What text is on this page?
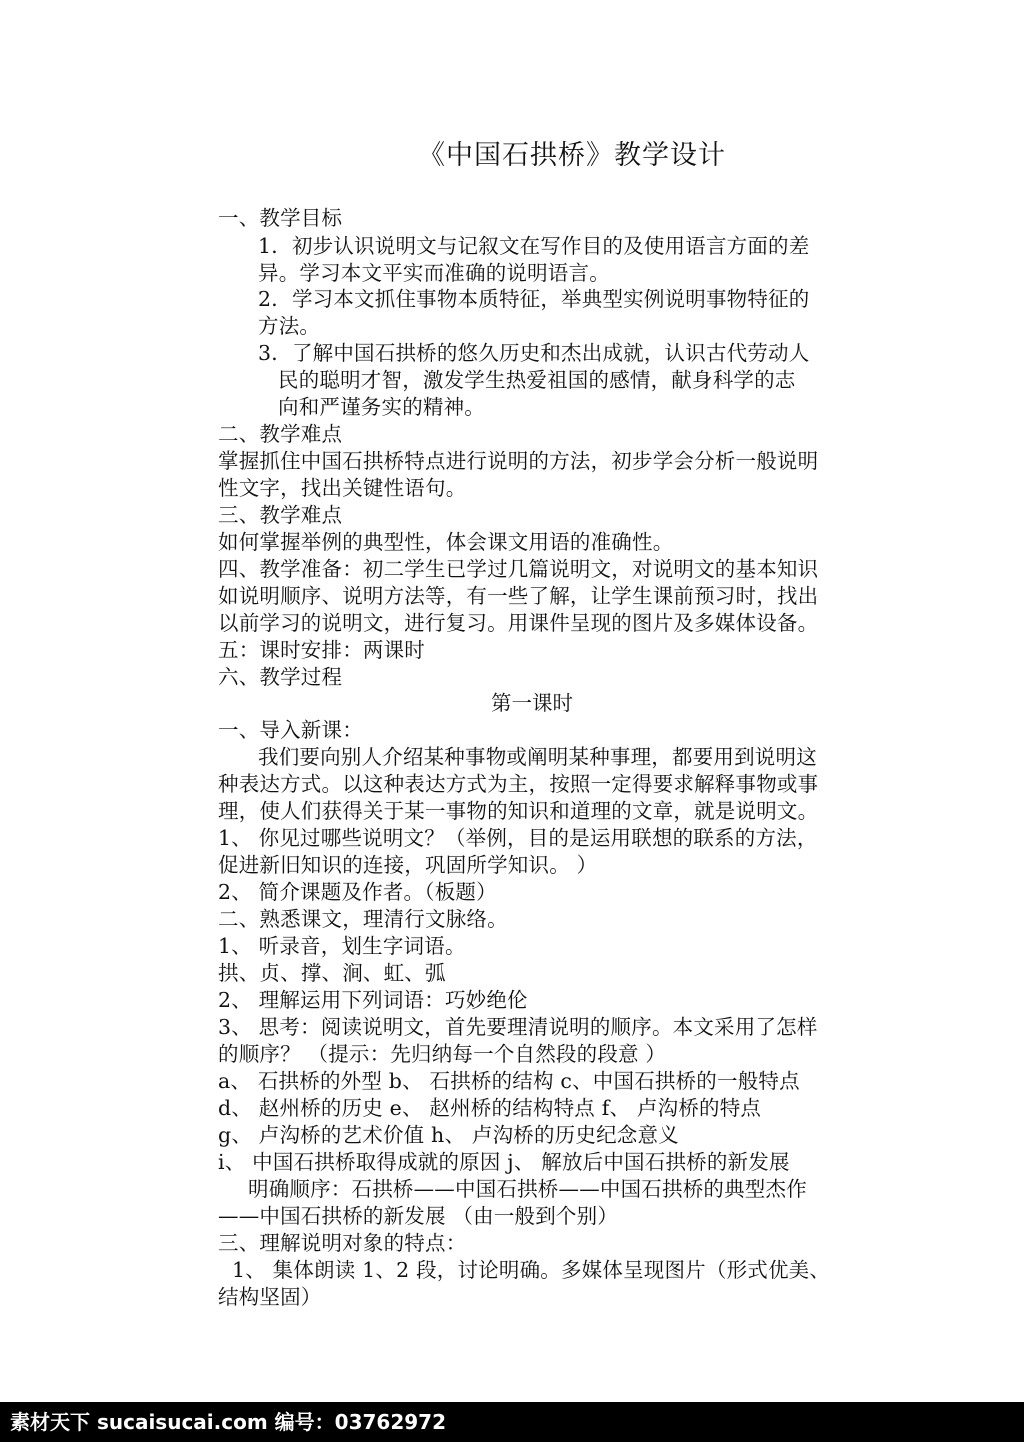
《中国石拱桥》教学设计
一、教学目标
1．初步认识说明文与记叙文在写作目的及使用语言方面的差
异。学习本文平实而准确的说明语言。
2．学习本文抓住事物本质特征，举典型实例说明事物特征的
方法。
3．了解中国石拱桥的悠久历史和杰出成就，认识古代劳动人
民的聪明才智，激发学生热爱祖国的感情，献身科学的志
向和严谨务实的精神。
二、教学难点
掌握抓住中国石拱桥特点进行说明的方法，初步学会分析一般说明
性文字，找出关键性语句。
三、教学难点
如何掌握举例的典型性，体会课文用语的准确性。
四、教学准备：初二学生已学过几篇说明文，对说明文的基本知识
如说明顺序、说明方法等，有一些了解，让学生课前预习时，找出
以前学习的说明文，进行复习。用课件呈现的图片及多媒体设备。
五：课时安排：两课时
六、教学过程
第一课时
一、导入新课：
我们要向别人介绍某种事物或阐明某种事理，都要用到说明这
种表达方式。以这种表达方式为主，按照一定得要求解释事物或事
理，使人们获得关于某一事物的知识和道理的文章，就是说明文。
1、 你见过哪些说明文？（举例，目的是运用联想的联系的方法，
促进新旧知识的连接，巩固所学知识。 ）
2、 简介课题及作者。（板题）
二、熟悉课文，理清行文脉络。
1、 听录音，划生字词语。
拱、贞、撑、涧、虹、弧
2、 理解运用下列词语：巧妙绝伦
3、 思考：阅读说明文，首先要理清说明的顺序。本文采用了怎样
的顺序？ （提示：先归纳每一个自然段的段意 ）
a、 石拱桥的外型 b、 石拱桥的结构 c、中国石拱桥的一般特点
d、 赵州桥的历史 e、 赵州桥的结构特点 f、 卢沟桥的特点
g、 卢沟桥的艺术价值 h、 卢沟桥的历史纪念意义
i、 中国石拱桥取得成就的原因 j、 解放后中国石拱桥的新发展
明确顺序：石拱桥——中国石拱桥——中国石拱桥的典型杰作
——中国石拱桥的新发展 （由一般到个别）
三、理解说明对象的特点：
1、 集体朗读 1、2 段，讨论明确。多媒体呈现图片（形式优美、
结构坚固）
素材天下 sucaisucai.com 编号：03762972
